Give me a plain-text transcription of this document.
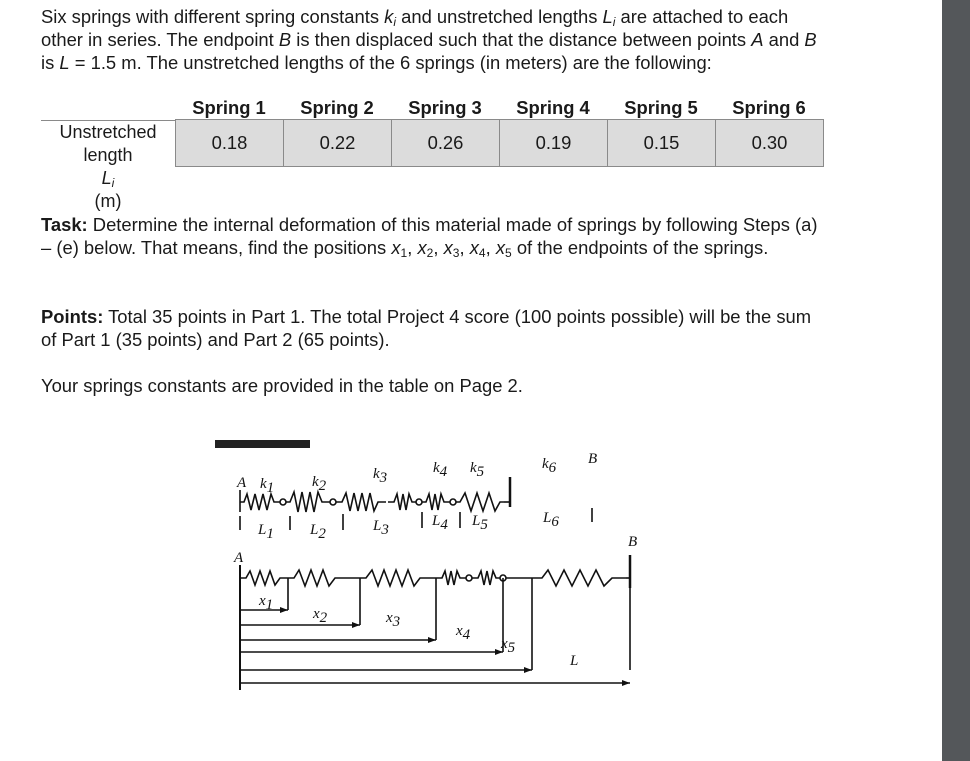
Six springs with different spring constants $k_i$ and unstretched lengths $L_i$ are attached to each other in series. The endpoint B is then displaced such that the distance between points A and B is L = 1.5 m. The unstretched lengths of the 6 springs (in meters) are the following:

Spring 1	Spring 2	Spring 3	Spring 4	Spring 5	Spring 6
Unstretched
length
$L_i$
(m)
0.18	0.22	0.26	0.19	0.15	0.30

Task: Determine the internal deformation of this material made of springs by following Steps (a) – (e) below. That means, find the positions $x_1$, $x_2$, $x_3$, $x_4$, $x_5$ of the endpoints of the springs.

Points: Total 35 points in Part 1. The total Project 4 score (100 points possible) will be the sum of Part 1 (35 points) and Part 2 (65 points).

Your springs constants are provided in the table on Page 2.

A
B
k1	k2
k3
k4 k5	k6
L1 L2	L3
L4 L5	L6
A
B
x1
x2	x3
x4
x5
L
